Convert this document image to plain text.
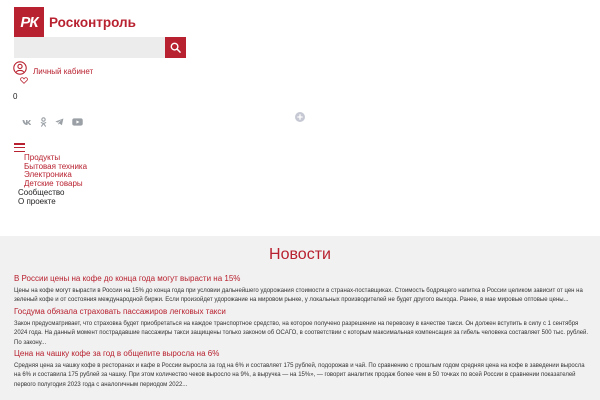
РК Росконтроль
Личный кабинет
0
Продукты
Бытовая техника
Электроника
Детские товары
Сообщество
О проекте
Новости
В России цены на кофе до конца года могут вырасти на 15%
Цены на кофе могут вырасти в России на 15% до конца года при условии дальнейшего удорожания стоимости в странах-поставщиках. Стоимость бодрящего напитка в России целиком зависит от цен на зеленый кофе и от состояния международной биржи. Если произойдет удорожание на мировом рынке, у локальных производителей не будет другого выхода. Ранее, в мае мировые оптовые цены...
Госдума обязала страховать пассажиров легковых такси
Закон предусматривает, что страховка будет приобретаться на каждое транспортное средство, на которое получено разрешение на перевозку в качестве такси. Он должен вступить в силу с 1 сентября 2024 года. На данный момент пострадавшие пассажиры такси защищены только законом об ОСАГО, в соответствии с которым максимальная компенсация за гибель человека составляет 500 тыс. рублей. По закону...
Цена на чашку кофе за год в общепите выросла на 6%
Средняя цена за чашку кофе в ресторанах и кафе в России выросла за год на 6% и составляет 175 рублей, подорожав и чай. По сравнению с прошлым годом средняя цена на кофе в заведении выросла на 6% и составила 175 рублей за чашку. При этом количество чеков выросло на 9%, а выручка — на 15%», — говорит аналитик продаж более чем в 50 точках по всей России в сравнении показателей первого полугодия 2023 года с аналогичным периодом 2022...
